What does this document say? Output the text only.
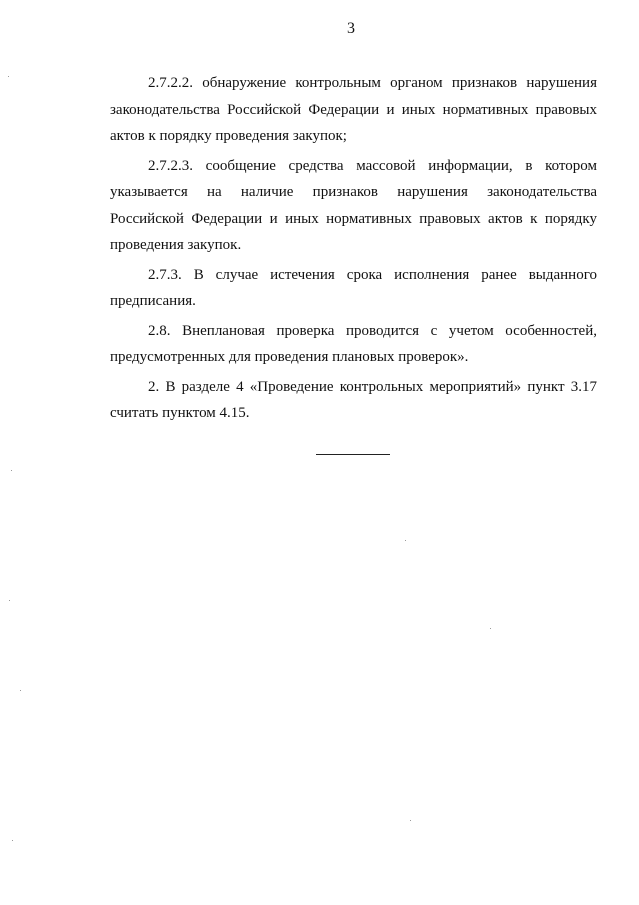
3

2.7.2.2. обнаружение контрольным органом признаков нарушения законодательства Российской Федерации и иных нормативных правовых актов к порядку проведения закупок;

2.7.2.3. сообщение средства массовой информации, в котором указывается на наличие признаков нарушения законодательства Российской Федерации и иных нормативных правовых актов к порядку проведения закупок.

2.7.3. В случае истечения срока исполнения ранее выданного предписания.

2.8. Внеплановая проверка проводится с учетом особенностей, предусмотренных для проведения плановых проверок».

2. В разделе 4 «Проведение контрольных мероприятий» пункт 3.17 считать пунктом 4.15.
